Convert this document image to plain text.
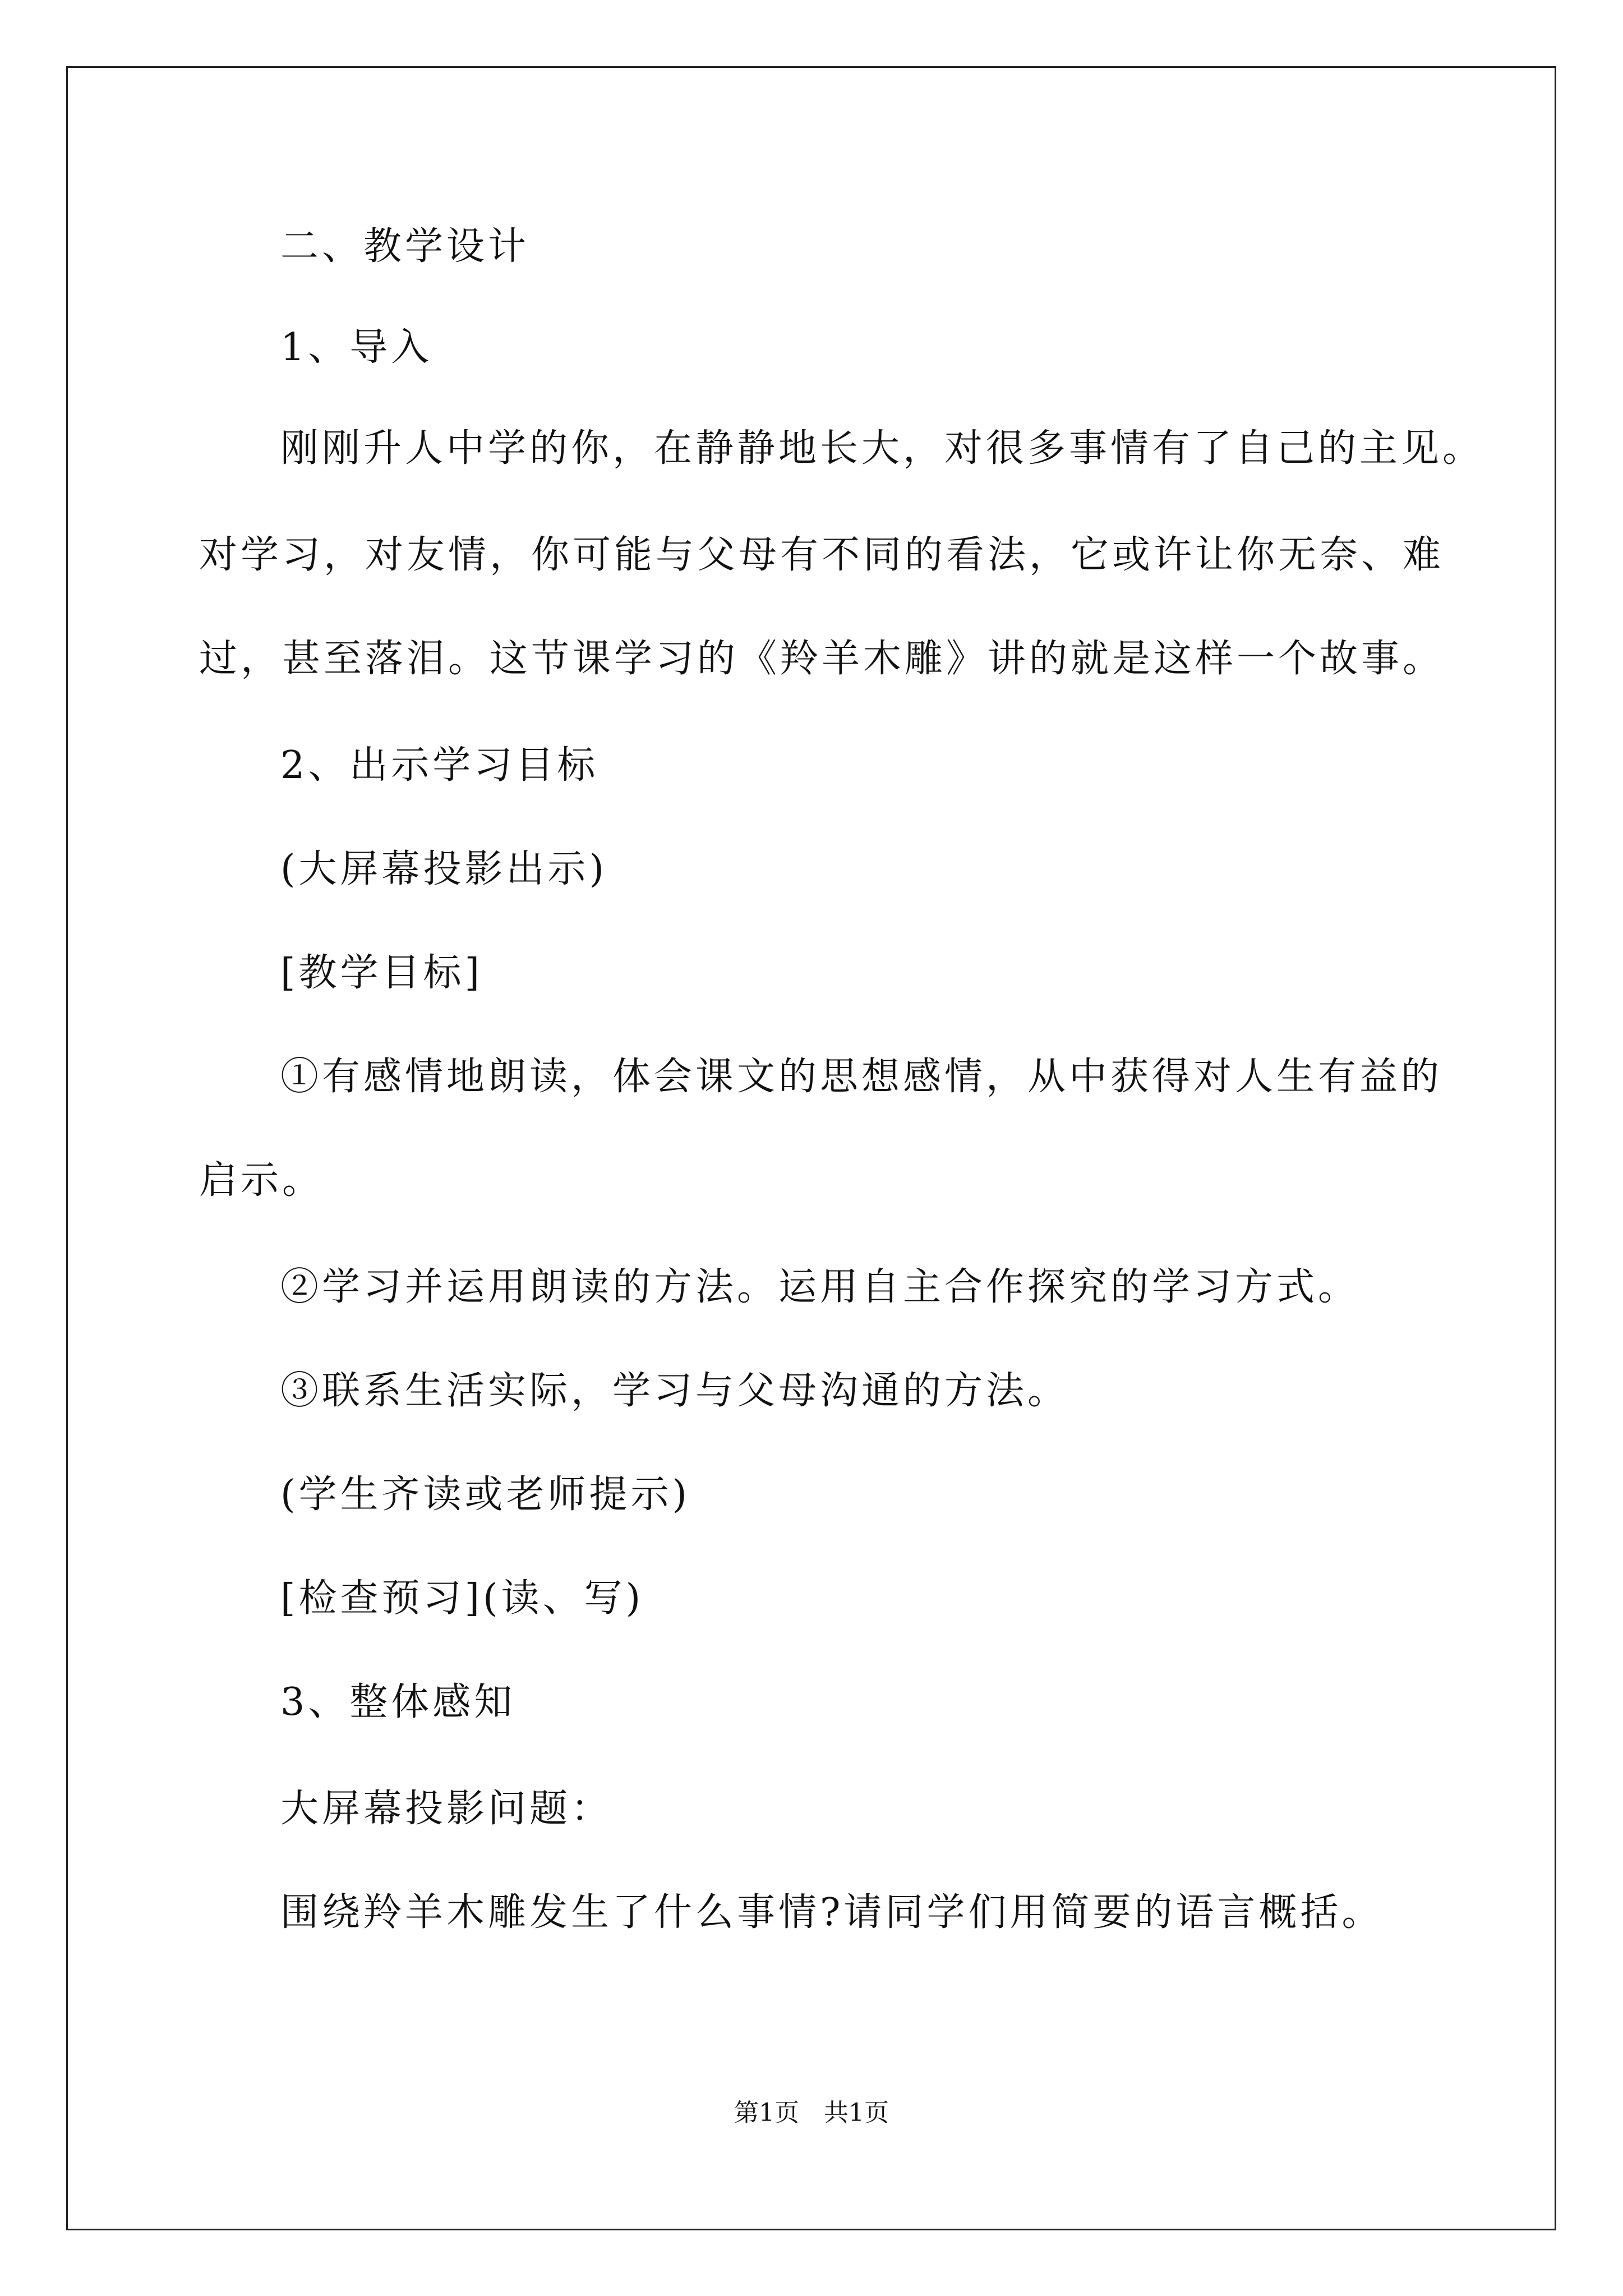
二、教学设计

1、导入

刚刚升人中学的你，在静静地长大，对很多事情有了自己的主见。

对学习，对友情，你可能与父母有不同的看法，它或许让你无奈、难

过，甚至落泪。这节课学习的《羚羊木雕》讲的就是这样一个故事。

2、出示学习目标

(大屏幕投影出示)

[教学目标]

①有感情地朗读，体会课文的思想感情，从中获得对人生有益的

启示。

②学习并运用朗读的方法。运用自主合作探究的学习方式。

③联系生活实际，学习与父母沟通的方法。

(学生齐读或老师提示)

[检查预习](读、写)

3、整体感知

大屏幕投影问题：

围绕羚羊木雕发生了什么事情?请同学们用简要的语言概括。

第1页 共1页
